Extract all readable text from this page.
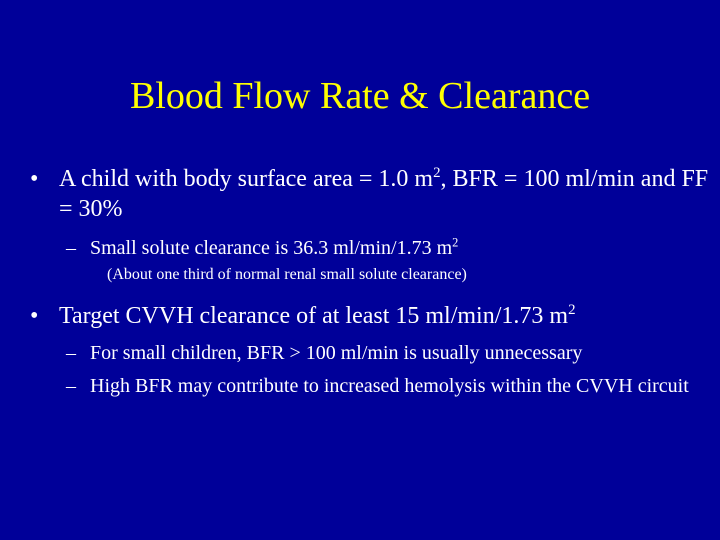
Blood Flow Rate & Clearance
• A child with body surface area = 1.0 $m^2$, BFR = 100 ml/min and FF = 30%
– Small solute clearance is 36.3 ml/min/1.73 $m^2$
(About one third of normal renal small solute clearance)
• Target CVVH clearance of at least 15 ml/min/1.73 $m^2$
– For small children, BFR > 100 ml/min is usually unnecessary
– High BFR may contribute to increased hemolysis within the CVVH circuit
